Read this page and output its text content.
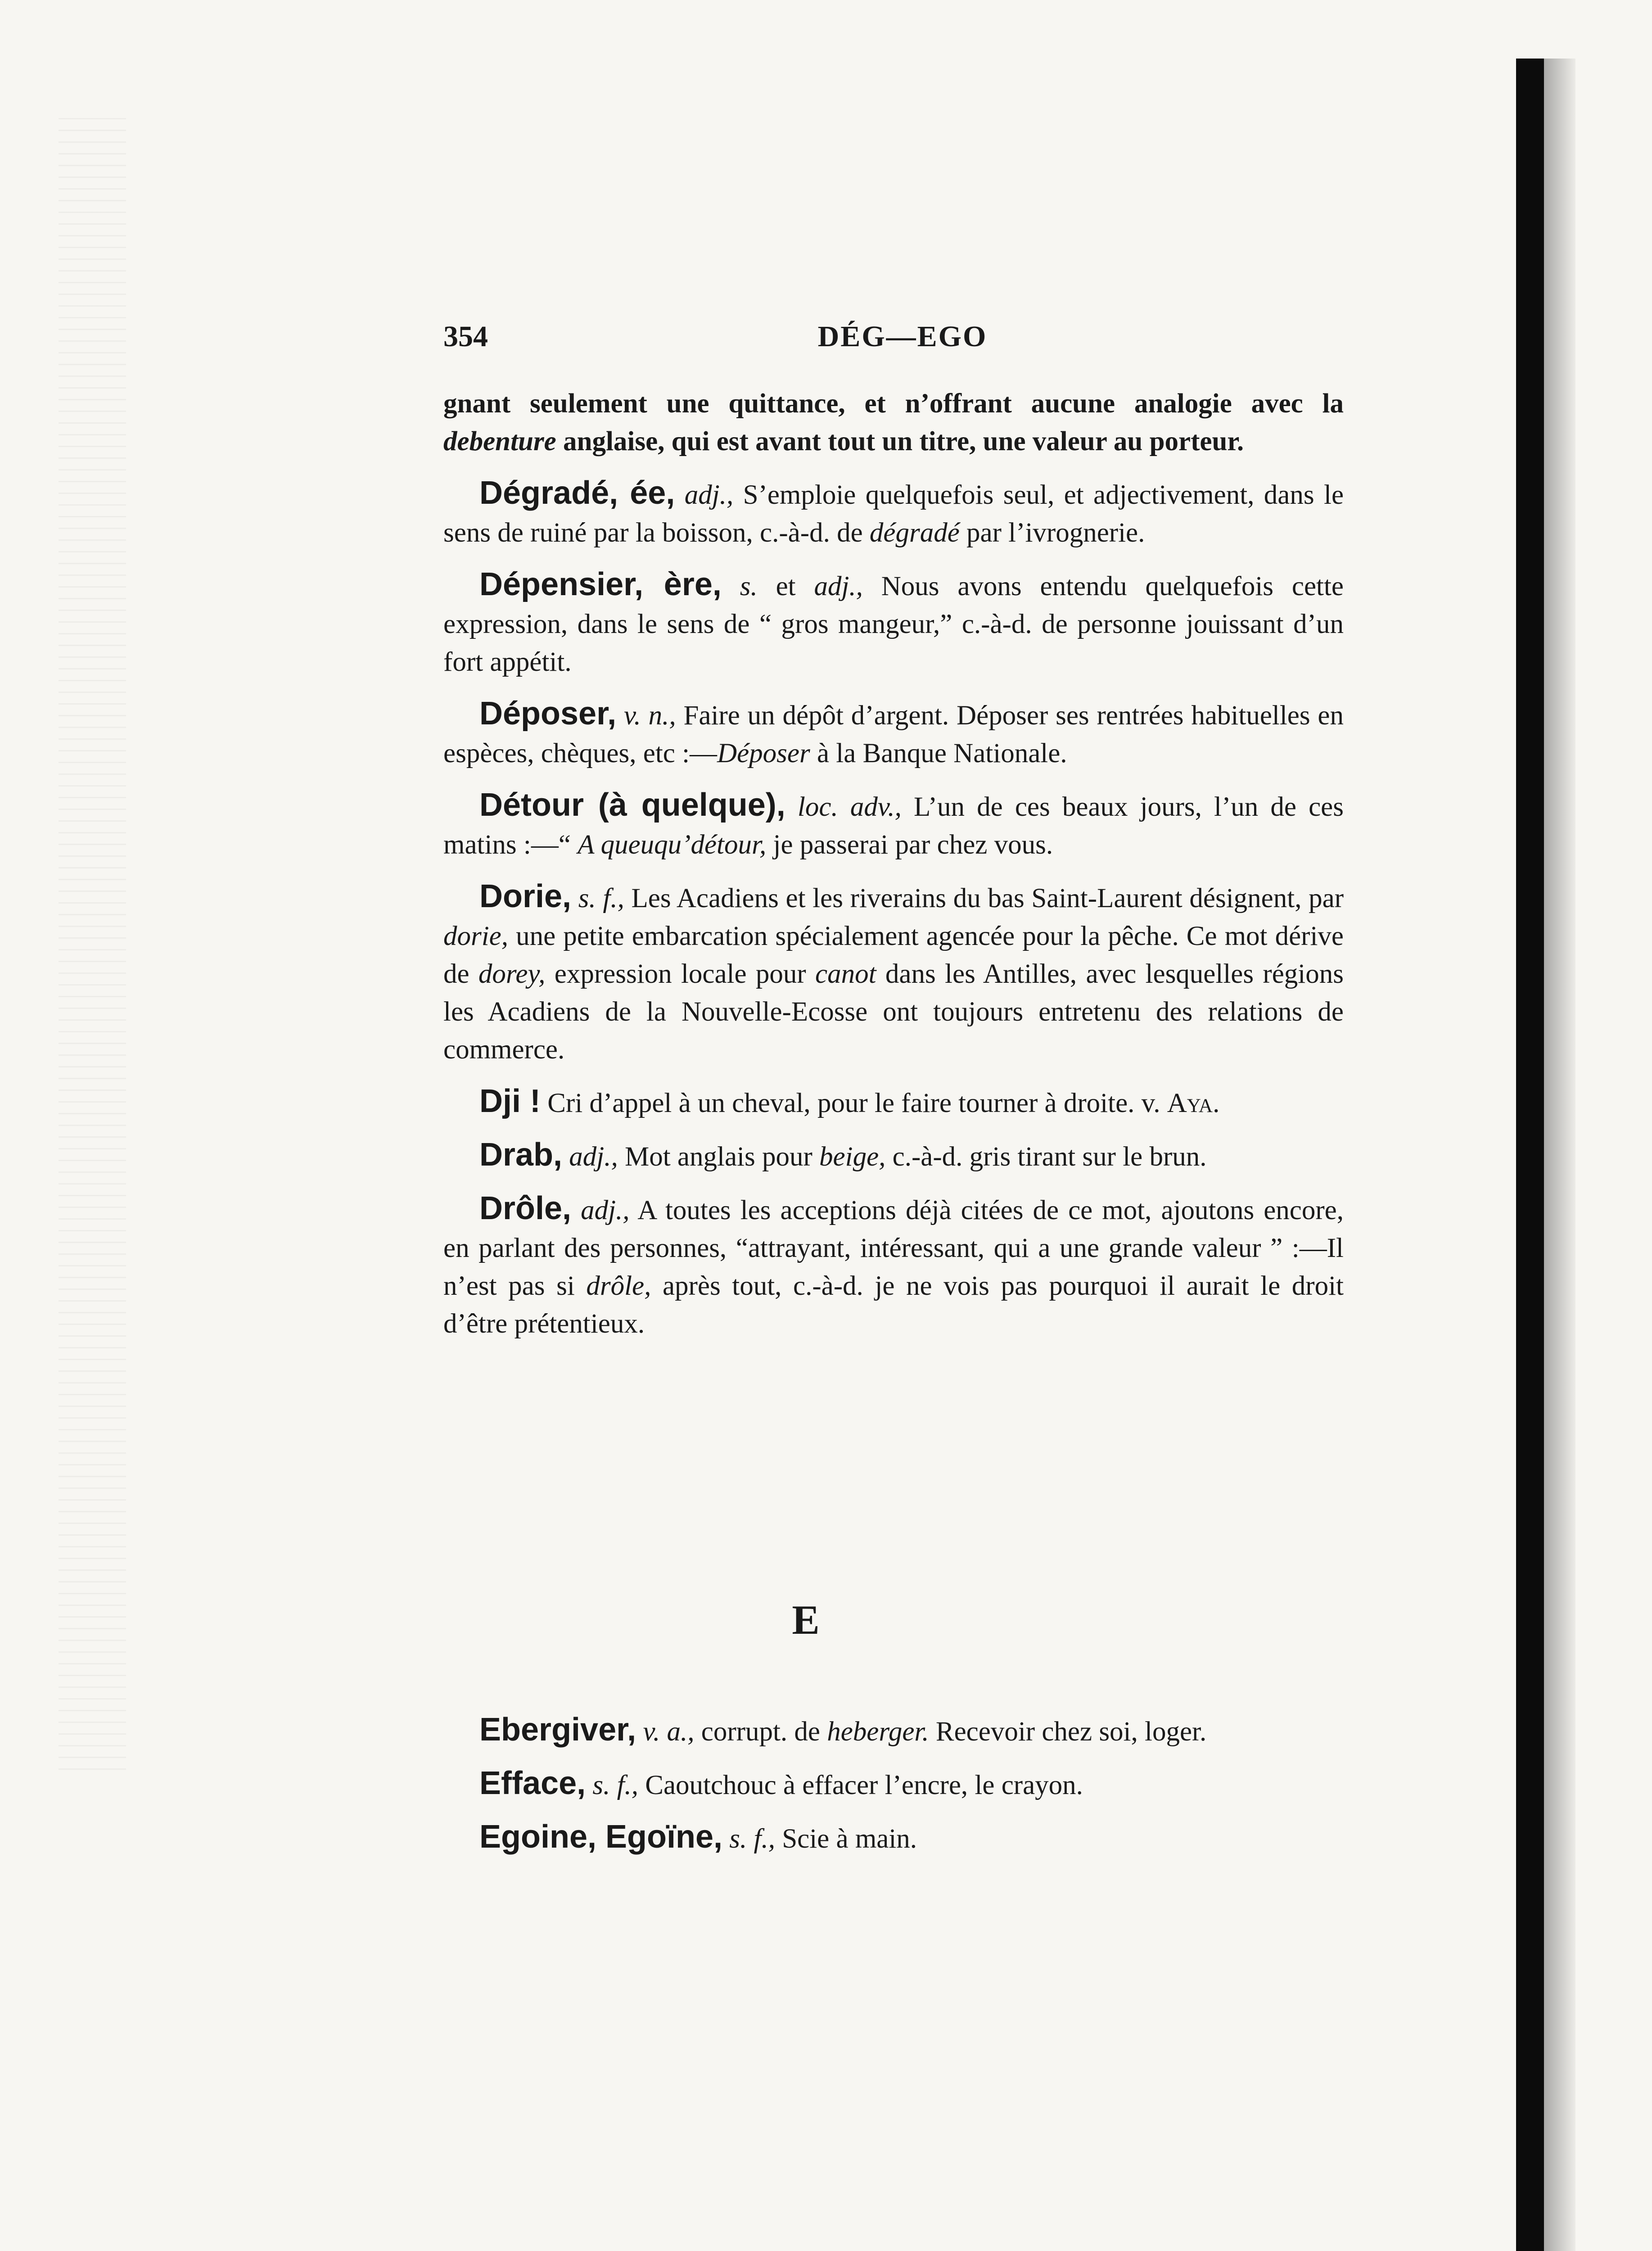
354	DÉG—EGO

gnant seulement une quittance, et n’offrant aucune analogie avec la debenture anglaise, qui est avant tout un titre, une valeur au porteur.

Dégradé, ée, adj., S’emploie quelquefois seul, et adjectivement, dans le sens de ruiné par la boisson, c.-à-d. de dégradé par l’ivrognerie.

Dépensier, ère, s. et adj., Nous avons entendu quelquefois cette expression, dans le sens de “ gros mangeur,” c.-à-d. de personne jouissant d’un fort appétit.

Déposer, v. n., Faire un dépôt d’argent. Déposer ses rentrées habituelles en espèces, chèques, etc :—Déposer à la Banque Nationale.

Détour (à quelque), loc. adv., L’un de ces beaux jours, l’un de ces matins :—“ A queuqu’détour, je passerai par chez vous.

Dorie, s. f., Les Acadiens et les riverains du bas Saint-Laurent désignent, par dorie, une petite embarcation spécialement agencée pour la pêche. Ce mot dérive de dorey, expression locale pour canot dans les Antilles, avec lesquelles régions les Acadiens de la Nouvelle-Ecosse ont toujours entretenu des relations de commerce.

Dji ! Cri d’appel à un cheval, pour le faire tourner à droite. v. Aya.

Drab, adj., Mot anglais pour beige, c.-à-d. gris tirant sur le brun.

Drôle, adj., A toutes les acceptions déjà citées de ce mot, ajoutons encore, en parlant des personnes, “attrayant, intéressant, qui a une grande valeur ” :—Il n’est pas si drôle, après tout, c.-à-d. je ne vois pas pourquoi il aurait le droit d’être prétentieux.

E

Ebergiver, v. a., corrupt. de heberger. Recevoir chez soi, loger.

Efface, s. f., Caoutchouc à effacer l’encre, le crayon.

Egoine, Egoïne, s. f., Scie à main.
